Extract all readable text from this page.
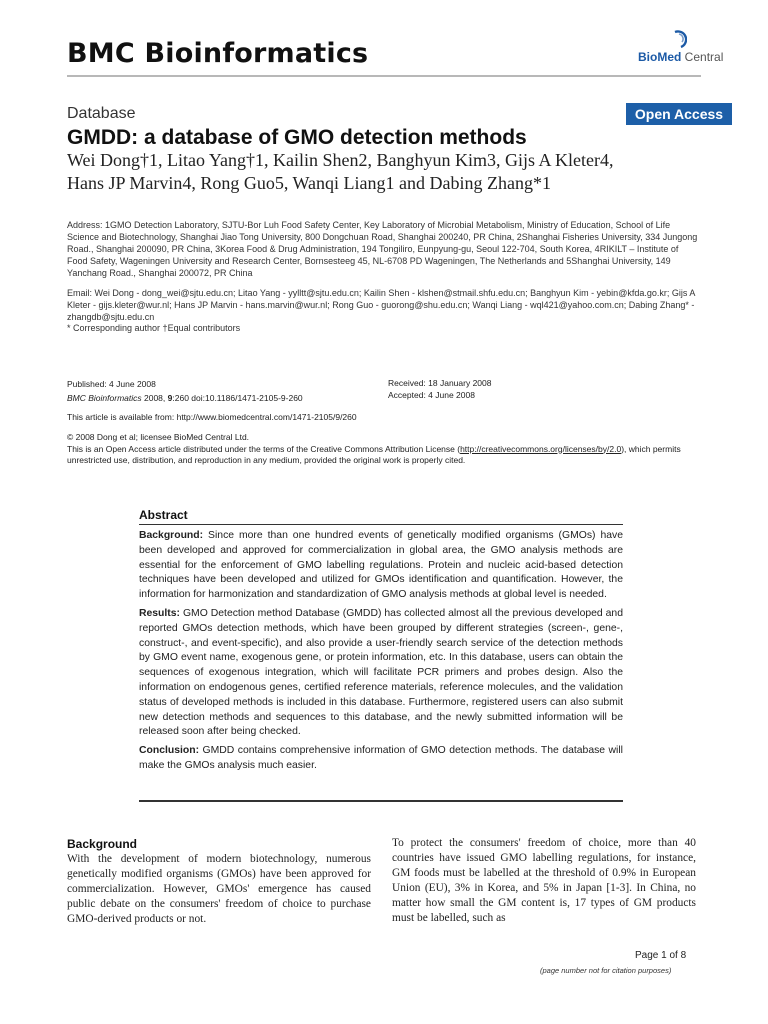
BMC Bioinformatics	BioMed Central
Database	Open Access
GMDD: a database of GMO detection methods
Wei Dong†1, Litao Yang†1, Kailin Shen2, Banghyun Kim3, Gijs A Kleter4,
Hans JP Marvin4, Rong Guo5, Wanqi Liang1 and Dabing Zhang*1
Address: 1GMO Detection Laboratory, SJTU-Bor Luh Food Safety Center, Key Laboratory of Microbial Metabolism, Ministry of Education, School of Life Science and Biotechnology, Shanghai Jiao Tong University, 800 Dongchuan Road, Shanghai 200240, PR China, 2Shanghai Fisheries University, 334 Jungong Road., Shanghai 200090, PR China, 3Korea Food & Drug Administration, 194 Tongiliro, Eunpyung-gu, Seoul 122-704, South Korea, 4RIKILT – Institute of Food Safety, Wageningen University and Research Center, Bornsesteeg 45, NL-6708 PD Wageningen, The Netherlands and 5Shanghai University, 149 Yanchang Road., Shanghai 200072, PR China
Email: Wei Dong - dong_wei@sjtu.edu.cn; Litao Yang - yylltt@sjtu.edu.cn; Kailin Shen - klshen@stmail.shfu.edu.cn; Banghyun Kim - yebin@kfda.go.kr; Gijs A Kleter - gijs.kleter@wur.nl; Hans JP Marvin - hans.marvin@wur.nl; Rong Guo - guorong@shu.edu.cn; Wanqi Liang - wql421@yahoo.com.cn; Dabing Zhang* - zhangdb@sjtu.edu.cn
* Corresponding author †Equal contributors
Published: 4 June 2008
BMC Bioinformatics 2008, 9:260 doi:10.1186/1471-2105-9-260
Received: 18 January 2008
Accepted: 4 June 2008
This article is available from: http://www.biomedcentral.com/1471-2105/9/260
© 2008 Dong et al; licensee BioMed Central Ltd.
This is an Open Access article distributed under the terms of the Creative Commons Attribution License (http://creativecommons.org/licenses/by/2.0), which permits unrestricted use, distribution, and reproduction in any medium, provided the original work is properly cited.
Abstract

Background: Since more than one hundred events of genetically modified organisms (GMOs) have been developed and approved for commercialization in global area, the GMO analysis methods are essential for the enforcement of GMO labelling regulations. Protein and nucleic acid-based detection techniques have been developed and utilized for GMOs identification and quantification. However, the information for harmonization and standardization of GMO analysis methods at global level is needed.

Results: GMO Detection method Database (GMDD) has collected almost all the previous developed and reported GMOs detection methods, which have been grouped by different strategies (screen-, gene-, construct-, and event-specific), and also provide a user-friendly search service of the detection methods by GMO event name, exogenous gene, or protein information, etc. In this database, users can obtain the sequences of exogenous integration, which will facilitate PCR primers and probes design. Also the information on endogenous genes, certified reference materials, reference molecules, and the validation status of developed methods is included in this database. Furthermore, registered users can also submit new detection methods and sequences to this database, and the newly submitted information will be released soon after being checked.

Conclusion: GMDD contains comprehensive information of GMO detection methods. The database will make the GMOs analysis much easier.

Background

With the development of modern biotechnology, numerous genetically modified organisms (GMOs) have been approved for commercialization. However, GMOs' emergence has caused public debate on the consumers' freedom of choice to purchase GMO-derived products or not.

To protect the consumers' freedom of choice, more than 40 countries have issued GMO labelling regulations, for instance, GM foods must be labelled at the threshold of 0.9% in European Union (EU), 3% in Korea, and 5% in Japan [1-3]. In China, no matter how small the GM content is, 17 types of GM products must be labelled, such as

Page 1 of 8
(page number not for citation purposes)
